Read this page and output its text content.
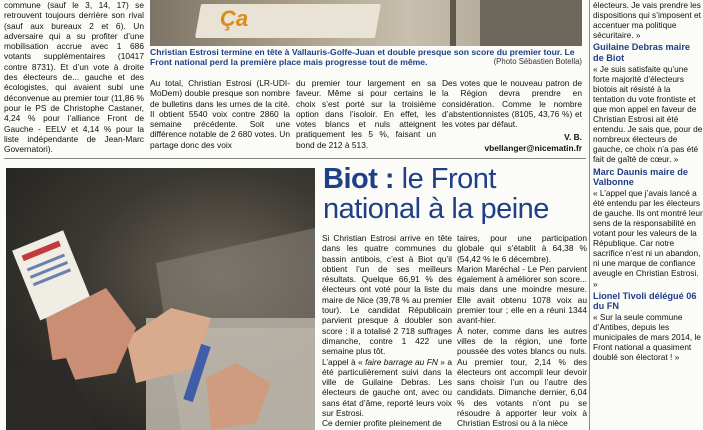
commune (sauf le 3, 14, 17) se retrouvent toujours derrière son rival (sauf aux bureaux 2 et 6). Un adversaire qui a su profiter d’une mobilisation accrue avec 1 686 votants supplémentaires (10417 contre 8731). Et d’un vote à droite des électeurs de... gauche et des écologistes, qui avaient subi une déconvenue au premier tour (11,86 % pour le PS de Christophe Castaner, 4,24 % pour l’alliance Front de Gauche - EELV et 4,14 % pour la liste indépendante de Jean-Marc Governatori).

Ça
Christian Estrosi termine en tête à Vallauris-Golfe-Juan et double presque son score du premier tour. Le Front national perd la première place mais progresse tout de même.	(Photo Sébastien Botella)

Au total, Christian Estrosi (LR-UDI-MoDem) double presque son nombre de bulletins dans les urnes de la cité. Il obtient 5540 voix contre 2860 la semaine précédente. Soit une différence notable de 2 680 votes. Un partage donc des voix

du premier tour largement en sa faveur. Même si pour certains le choix s’est porté sur la troisième option dans l’isoloir. En effet, les votes blancs et nuls atteignent pratiquement les 5 %, faisant un bond de 212 à 513.

Des votes que le nouveau patron de la Région devra prendre en considération. Comme le nombre d’abstentionnistes (8105, 43,76 %) et les votes par défaut.

V. B.

vbellanger@nicematin.fr

Biot : le Front national à la peine

Si Christian Estrosi arrive en tête dans les quatre communes du bassin antibois, c’est à Biot qu’il obtient l’un de ses meilleurs résultats. Quelque 66,91 % des électeurs ont voté pour la liste du maire de Nice (39,78 % au premier tour). Le candidat Républicain parvient presque à doubler son score : il a totalisé 2 718 suffrages dimanche, contre 1 422 une semaine plus tôt.

L’appel à « faire barrage au FN » a été particulièrement suivi dans la ville de Guilaine Debras. Les électeurs de gauche ont, avec ou sans état d’âme, reporté leurs voix sur Estrosi.

Ce dernier profite pleinement de

taires, pour une participation globale qui s’établit à 64,38 % (54,42 % le 6 décembre).

Marion Maréchal - Le Pen parvient également à améliorer son score... mais dans une moindre mesure. Elle avait obtenu 1078 voix au premier tour ; elle en a réuni 1344 avant-hier.

À noter, comme dans les autres villes de la région, une forte poussée des votes blancs ou nuls. Au premier tour, 2,14 % des électeurs ont accompli leur devoir sans choisir l’un ou l’autre des candidats. Dimanche dernier, 6,04 % des votants n’ont pu se résoudre à apporter leur voix à Christian Estrosi ou à la nièce

électeurs. Je vais prendre les dispositions qui s’imposent et accentuer ma politique sécuritaire. »

Guilaine Debras maire de Biot

« Je suis satisfaite qu’une forte majorité d’électeurs biotois ait résisté à la tentation du vote frontiste et que mon appel en faveur de Christian Estrosi ait été entendu. Je sais que, pour de nombreux électeurs de gauche, ce choix n’a pas été fait de gaîté de cœur. »

Marc Daunis maire de Valbonne

« L’appel que j’avais lancé a été entendu par les électeurs de gauche. Ils ont montré leur sens de la responsabilité en votant pour les valeurs de la République. Car notre sacrifice n’est ni un abandon, ni une marque de confiance aveugle en Christian Estrosi. »

Lionel Tivoli délégué 06 du FN

« Sur la seule commune d’Antibes, depuis les municipales de mars 2014, le Front national a quasiment doublé son électorat ! »
